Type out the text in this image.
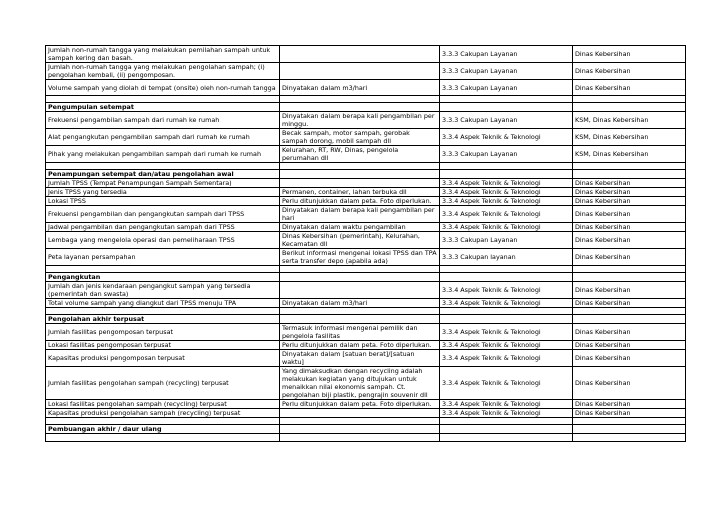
Jumlah non-rumah tangga yang melakukan pemilahan sampah untuk sampah kering dan basah.		3.3.3 Cakupan Layanan	Dinas Kebersihan
Jumlah non-rumah tangga yang melakukan pengolahan sampah; (i) pengolahan kembali, (ii) pengomposan.		3.3.3 Cakupan Layanan	Dinas Kebersihan
Volume sampah yang diolah di tempat (onsite) oleh non-rumah tangga	Dinyatakan dalam m3/hari	3.3.3 Cakupan Layanan	Dinas Kebersihan

Pengumpulan setempat			
Frekuensi pengambilan sampah dari rumah ke rumah	Dinyatakan dalam berapa kali pengambilan per minggu.	3.3.3 Cakupan Layanan	KSM, Dinas Kebersihan
Alat pengangkutan pengambilan sampah dari rumah ke rumah	Becak sampah, motor sampah, gerobak sampah dorong, mobil sampah dll	3.3.4 Aspek Teknik & Teknologi	KSM, Dinas Kebersihan
Pihak yang melakukan pengambilan sampah dari rumah ke rumah	Kelurahan, RT, RW, Dinas, pengelola perumahan dll	3.3.3 Cakupan Layanan	KSM, Dinas Kebersihan

Penampungan setempat dan/atau pengolahan awal			
Jumlah TPSS (Tempat Penampungan Sampah Sementara)		3.3.4 Aspek Teknik & Teknologi	Dinas Kebersihan
Jenis TPSS yang tersedia	Permanen, container, lahan terbuka dll	3.3.4 Aspek Teknik & Teknologi	Dinas Kebersihan
Lokasi TPSS	Perlu ditunjukkan dalam peta. Foto diperlukan.	3.3.4 Aspek Teknik & Teknologi	Dinas Kebersihan
Frekuensi pengambilan dan pengangkutan sampah dari TPSS	Dinyatakan dalam berapa kali pengambilan per hari	3.3.4 Aspek Teknik & Teknologi	Dinas Kebersihan
Jadwal pengambilan dan pengangkutan sampah dari TPSS	Dinyatakan dalam waktu pengambilan	3.3.4 Aspek Teknik & Teknologi	Dinas Kebersihan
Lembaga yang mengelola operasi dan pemeliharaan TPSS	Dinas Kebersihan (pemerintah), Kelurahan, Kecamatan dll	3.3.3 Cakupan Layanan	Dinas Kebersihan
Peta layanan persampahan	Berikut informasi mengenai lokasi TPSS dan TPA serta transfer depo (apabila ada)	3.3.3 Cakupan layanan	Dinas Kebersihan

Pengangkutan			
Jumlah dan jenis kendaraan pengangkut sampah yang tersedia (pemerintah dan swasta)		3.3.4 Aspek Teknik & Teknologi	Dinas Kebersihan
Total volume sampah yang diangkut dari TPSS menuju TPA	Dinyatakan dalam m3/hari	3.3.4 Aspek Teknik & Teknologi	Dinas Kebersihan

Pengolahan akhir terpusat			
Jumlah fasilitas pengomposan terpusat	Termasuk informasi mengenai pemilik dan pengelola fasilitas	3.3.4 Aspek Teknik & Teknologi	Dinas Kebersihan
Lokasi fasilitas pengomposan terpusat	Perlu ditunjukkan dalam peta. Foto diperlukan.	3.3.4 Aspek Teknik & Teknologi	Dinas Kebersihan
Kapasitas produksi pengomposan terpusat	Dinyatakan dalam [satuan berat]/[satuan waktu]	3.3.4 Aspek Teknik & Teknologi	Dinas Kebersihan
Jumlah fasilitas pengolahan sampah (recycling) terpusat	Yang dimaksudkan dengan recycling adalah melakukan kegiatan yang ditujukan untuk menaikkan nilai ekonomis sampah. Ct. pengolahan biji plastik, pengrajin souvenir dll	3.3.4 Aspek Teknik & Teknologi	Dinas Kebersihan
Lokasi fasilitas pengolahan sampah (recycling) terpusat	Perlu ditunjukkan dalam peta. Foto diperlukan.	3.3.4 Aspek Teknik & Teknologi	Dinas Kebersihan
Kapasitas produksi pengolahan sampah (recycling) terpusat		3.3.4 Aspek Teknik & Teknologi	Dinas Kebersihan

Pembuangan akhir / daur ulang			
